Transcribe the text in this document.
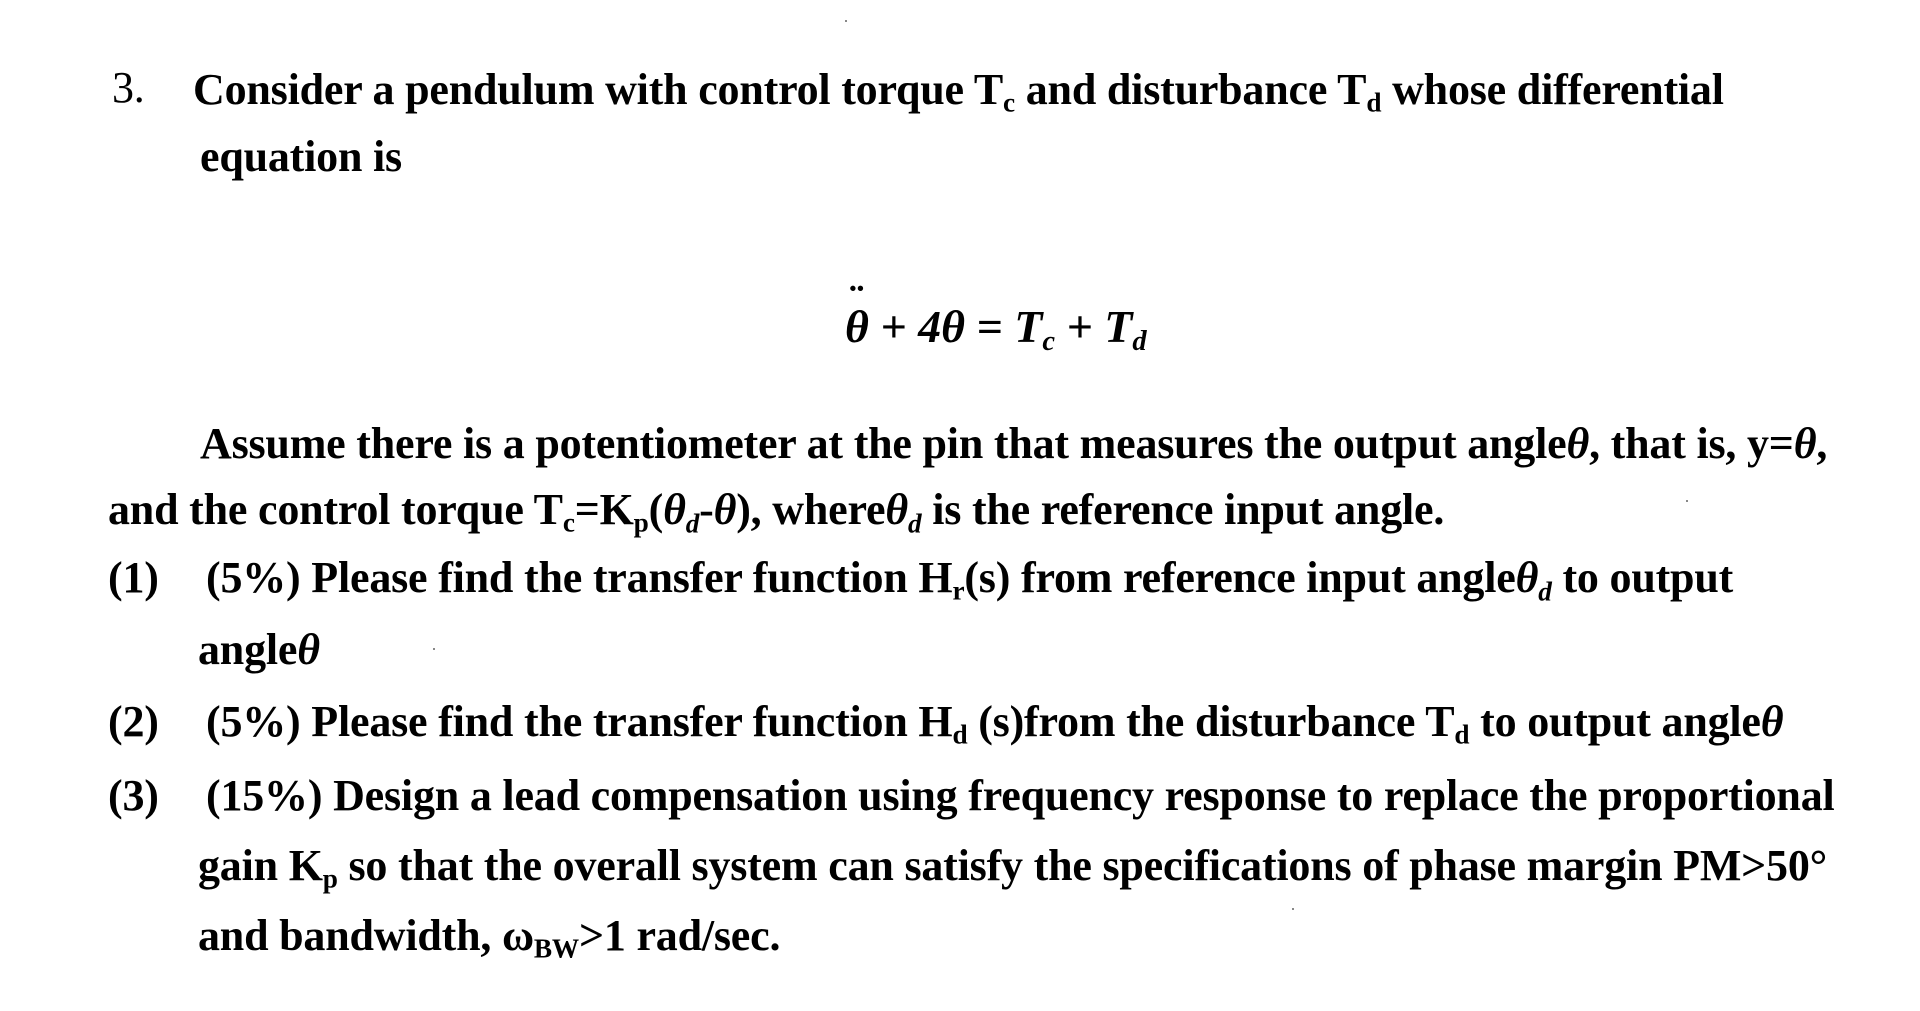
3. Consider a pendulum with control torque $T_c$ and disturbance $T_d$ whose differential
equation is
¨ $\theta + 4\theta = T_c + T_d$
Assume there is a potentiometer at the pin that measures the output angleθ, that is, y=θ,
and the control torque $T_c=K_p(\theta d-\theta)$, whereθd is the reference input angle.
(1) (5%) Please find the transfer function $H_r(s)$ from reference input angleθd to output
angleθ
(2) (5%) Please find the transfer function $H_d$ (s)from the disturbance $T_d$ to output angleθ
(3) (15%) Design a lead compensation using frequency response to replace the proportional
gain $K_p$ so that the overall system can satisfy the specifications of phase margin PM>50°
and bandwidth, $\omega_{BW}>1$ rad/sec.
